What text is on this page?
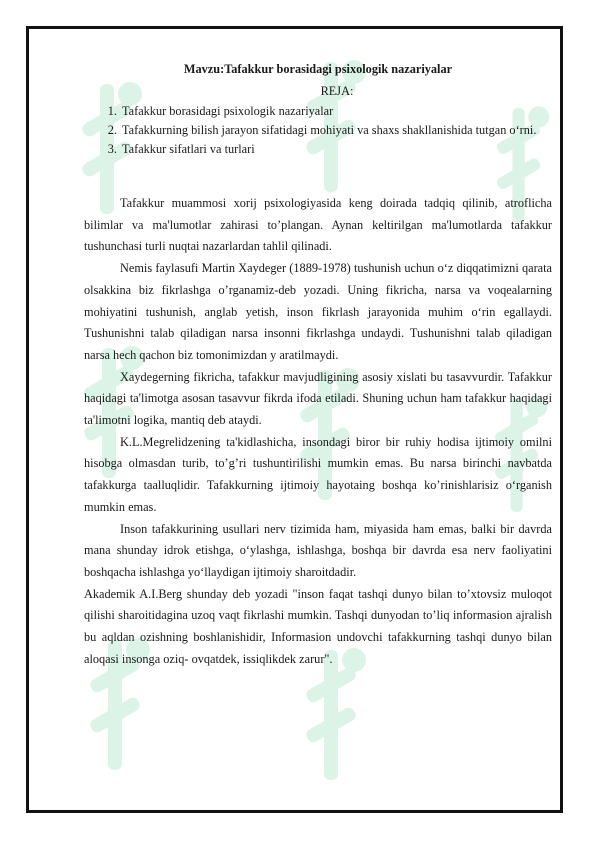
Mavzu:Tafakkur borasidagi psixologik nazariyalar
REJA:
1. Tafakkur borasidagi psixologik nazariyalar
2. Tafakkurning bilish jarayon sifatidagi mohiyati va shaxs shakllanishida tutgan o‘rni.
3. Tafakkur sifatlari va turlari

Tafakkur muammosi xorij psixologiyasida keng doirada tadqiq qilinib, atroflicha bilimlar va ma'lumotlar zahirasi to’plangan. Aynan keltirilgan ma'lumotlarda tafakkur tushunchasi turli nuqtai nazarlardan tahlil qilinadi.

Nemis faylasufi Martin Xaydeger (1889-1978) tushunish uchun o‘z diqqatimizni qarata olsakkina biz fikrlashga o’rganamiz-deb yozadi. Uning fikricha, narsa va voqealarning mohiyatini tushunish, anglab yetish, inson fikrlash jarayonida muhim o‘rin egallaydi. Tushunishni talab qiladigan narsa insonni fikrlashga undaydi. Tushunishni talab qiladigan narsa hech qachon biz tomonimizdan y aratilmaydi.

Xaydegerning fikricha, tafakkur mavjudligining asosiy xislati bu tasavvurdir. Tafakkur haqidagi ta'limotga asosan tasavvur fikrda ifoda etiladi. Shuning uchun ham tafakkur haqidagi ta'limotni logika, mantiq deb ataydi.

K.L.Megrelidzening ta'kidlashicha, insondagi biror bir ruhiy hodisa ijtimoiy omilni hisobga olmasdan turib, to’g’ri tushuntirilishi mumkin emas. Bu narsa birinchi navbatda tafakkurga taalluqlidir. Tafakkurning ijtimoiy hayotaing boshqa ko’rinishlarisiz o‘rganish mumkin emas.

Inson tafakkurining usullari nerv tizimida ham, miyasida ham emas, balki bir davrda mana shunday idrok etishga, o‘ylashga, ishlashga, boshqa bir davrda esa nerv faoliyatini boshqacha ishlashga yo‘llaydigan ijtimoiy sharoitdadir.

Akademik A.I.Berg shunday deb yozadi "inson faqat tashqi dunyo bilan to’xtovsiz muloqot qilishi sharoitidagina uzoq vaqt fikrlashi mumkin. Tashqi dunyodan to’liq informasion ajralish bu aqldan ozishning boshlanishidir, Informasion undovchi tafakkurning tashqi dunyo bilan aloqasi insonga oziq- ovqatdek, issiqlikdek zarur".
